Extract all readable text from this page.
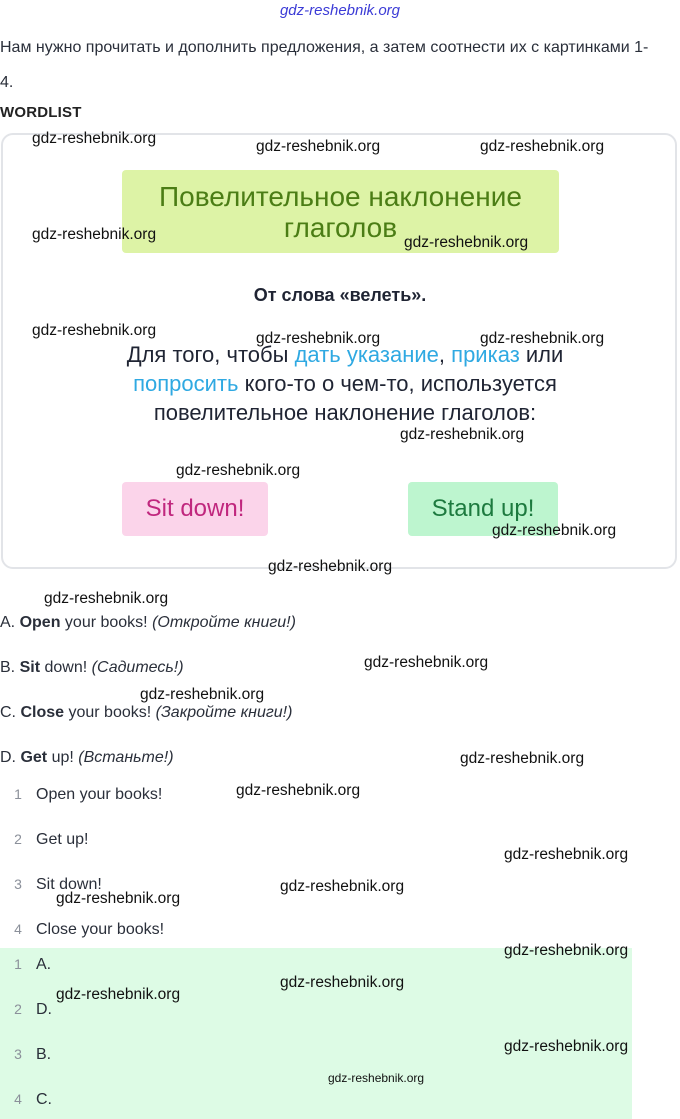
gdz-reshebnik.org
Нам нужно прочитать и дополнить предложения, а затем соотнести их с картинками 1-4.
WORDLIST
Повелительное наклонение
глаголов
От слова «велеть».
Для того, чтобы дать указание, приказ или
попросить кого-то о чем-то, используется
повелительное наклонение глаголов:
Sit down!	Stand up!
A. Open your books! (Откройте книги!)
B. Sit down! (Садитесь!)
C. Close your books! (Закройте книги!)
D. Get up! (Встаньте!)
1 Open your books!
2 Get up!
3 Sit down!
4 Close your books!
1 A.
2 D.
3 B.
4 C.
gdz-reshebnik.org	gdz-reshebnik.org	gdz-reshebnik.org
gdz-reshebnik.org	gdz-reshebnik.org
gdz-reshebnik.org	gdz-reshebnik.org	gdz-reshebnik.org
gdz-reshebnik.org
gdz-reshebnik.org
gdz-reshebnik.org
gdz-reshebnik.org
gdz-reshebnik.org
gdz-reshebnik.org
gdz-reshebnik.org
gdz-reshebnik.org
gdz-reshebnik.org
gdz-reshebnik.org
gdz-reshebnik.org
gdz-reshebnik.org
gdz-reshebnik.org
gdz-reshebnik.org
gdz-reshebnik.org
gdz-reshebnik.org
gdz-reshebnik.org
